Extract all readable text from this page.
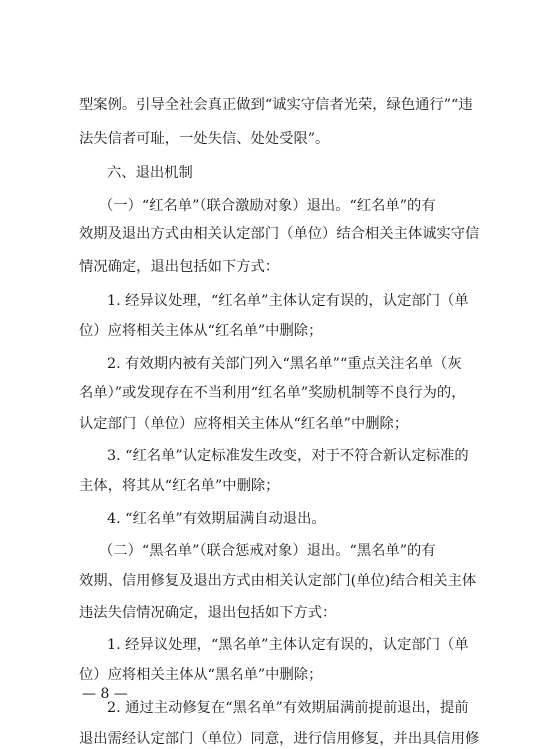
型案例。引导全社会真正做到“诚实守信者光荣，绿色通行”“违
法失信者可耻，一处失信、处处受限”。
六、退出机制
（一）“红名单”（联合激励对象）退出。“红名单”的有
效期及退出方式由相关认定部门（单位）结合相关主体诚实守信
情况确定，退出包括如下方式：
1. 经异议处理，“红名单”主体认定有误的，认定部门（单
位）应将相关主体从“红名单”中删除；
2. 有效期内被有关部门列入“黑名单”“重点关注名单（灰
名单）”或发现存在不当利用“红名单”奖励机制等不良行为的，
认定部门（单位）应将相关主体从“红名单”中删除；
3. “红名单”认定标准发生改变，对于不符合新认定标准的
主体，将其从“红名单”中删除；
4. “红名单”有效期届满自动退出。
（二）“黑名单”（联合惩戒对象）退出。“黑名单”的有
效期、信用修复及退出方式由相关认定部门(单位)结合相关主体
违法失信情况确定，退出包括如下方式：
1. 经异议处理，“黑名单”主体认定有误的，认定部门（单
位）应将相关主体从“黑名单”中删除；
2. 通过主动修复在“黑名单”有效期届满前提前退出，提前
退出需经认定部门（单位）同意，进行信用修复，并出具信用修
— 8 —
